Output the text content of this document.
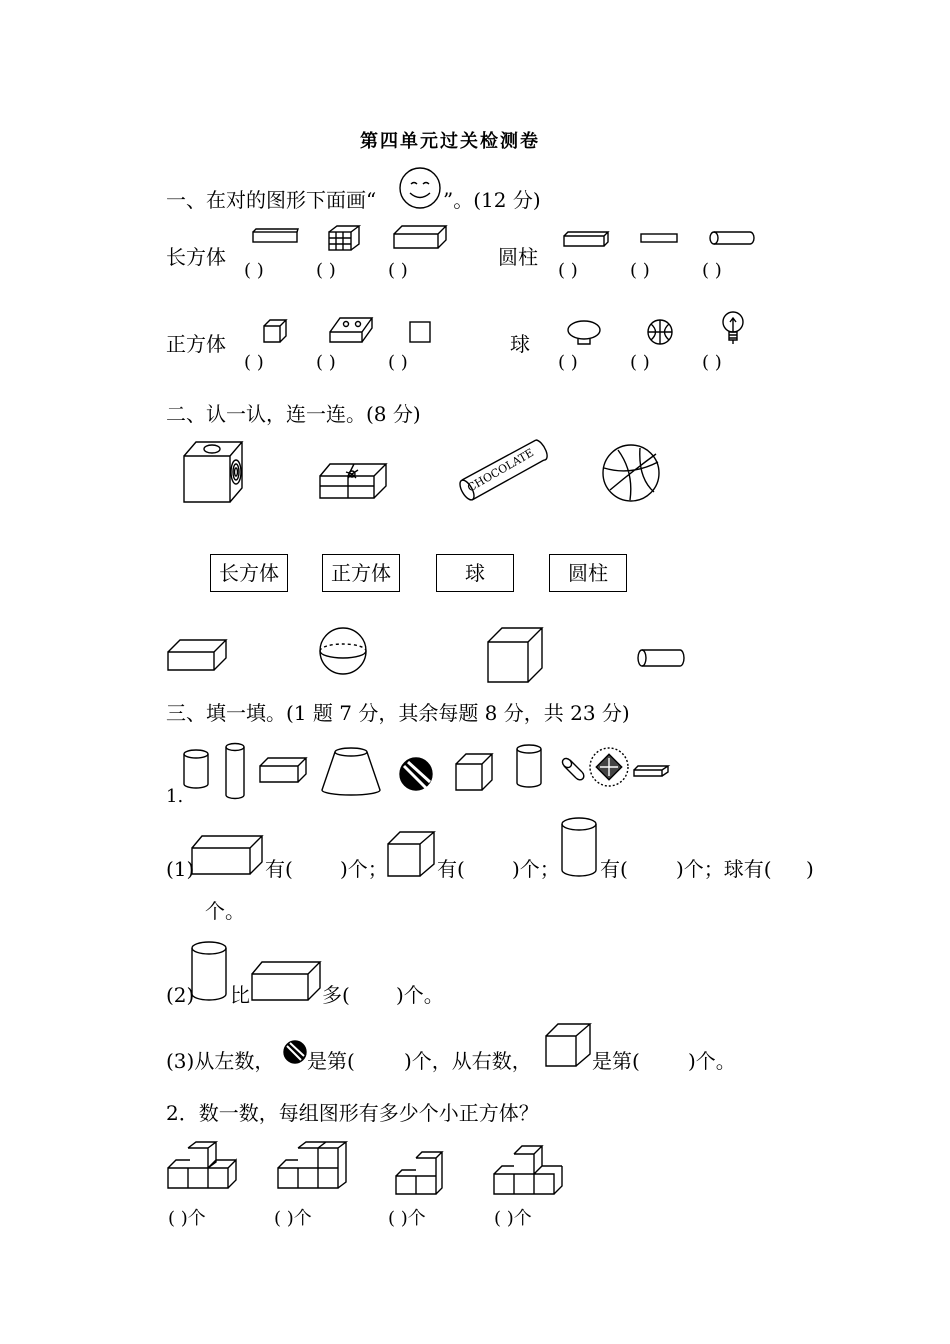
第四单元过关检测卷
一、在对的图形下面画“	”。(12 分)
长方体
( )	( )	( )
圆柱
( )	( )	( )
正方体
( )	( )	( )
球
( )	( )	( )
二、认一认，连一连。(8 分)
CHOCOLATE
长方体	正方体	球	圆柱
三、填一填。(1 题 7 分，其余每题 8 分，共 23 分)
1.
(1)	有( )个； 有( )个； 有( )个；球有( )
个。
(2) 比	多( )个。
(3)从左数， 是第( )个，从右数，	是第( )个。
2．数一数，每组图形有多少个小正方体？
( )个	( )个	( )个	( )个
